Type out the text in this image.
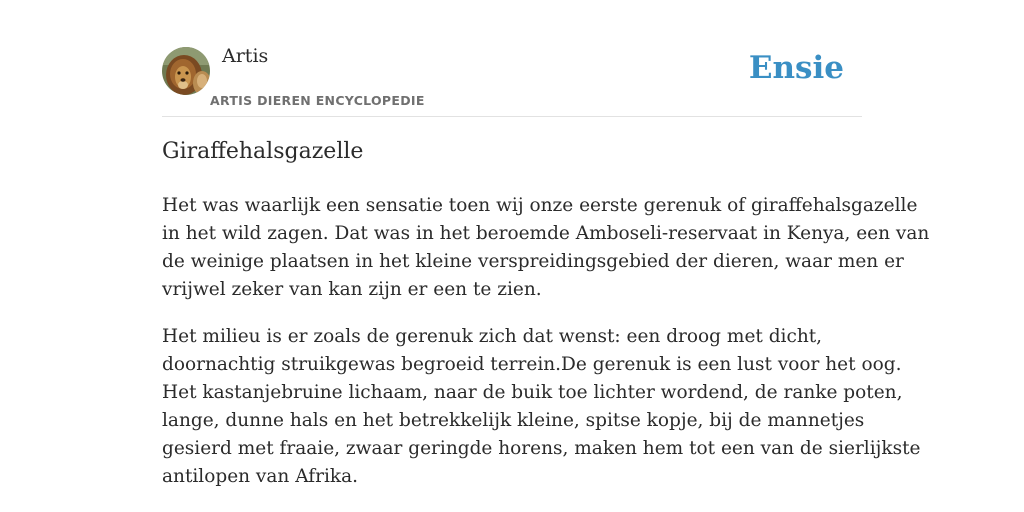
Artis
ARTIS DIEREN ENCYCLOPEDIE
Ensie
Giraffehalsgazelle

Het was waarlijk een sensatie toen wij onze eerste gerenuk of giraffehalsgazelle
in het wild zagen. Dat was in het beroemde Amboseli-reservaat in Kenya, een van
de weinige plaatsen in het kleine verspreidingsgebied der dieren, waar men er
vrijwel zeker van kan zijn er een te zien.

Het milieu is er zoals de gerenuk zich dat wenst: een droog met dicht,
doornachtig struikgewas begroeid terrein.De gerenuk is een lust voor het oog.
Het kastanjebruine lichaam, naar de buik toe lichter wordend, de ranke poten,
lange, dunne hals en het betrekkelijk kleine, spitse kopje, bij de mannetjes
gesierd met fraaie, zwaar geringde horens, maken hem tot een van de sierlijkste
antilopen van Afrika.
